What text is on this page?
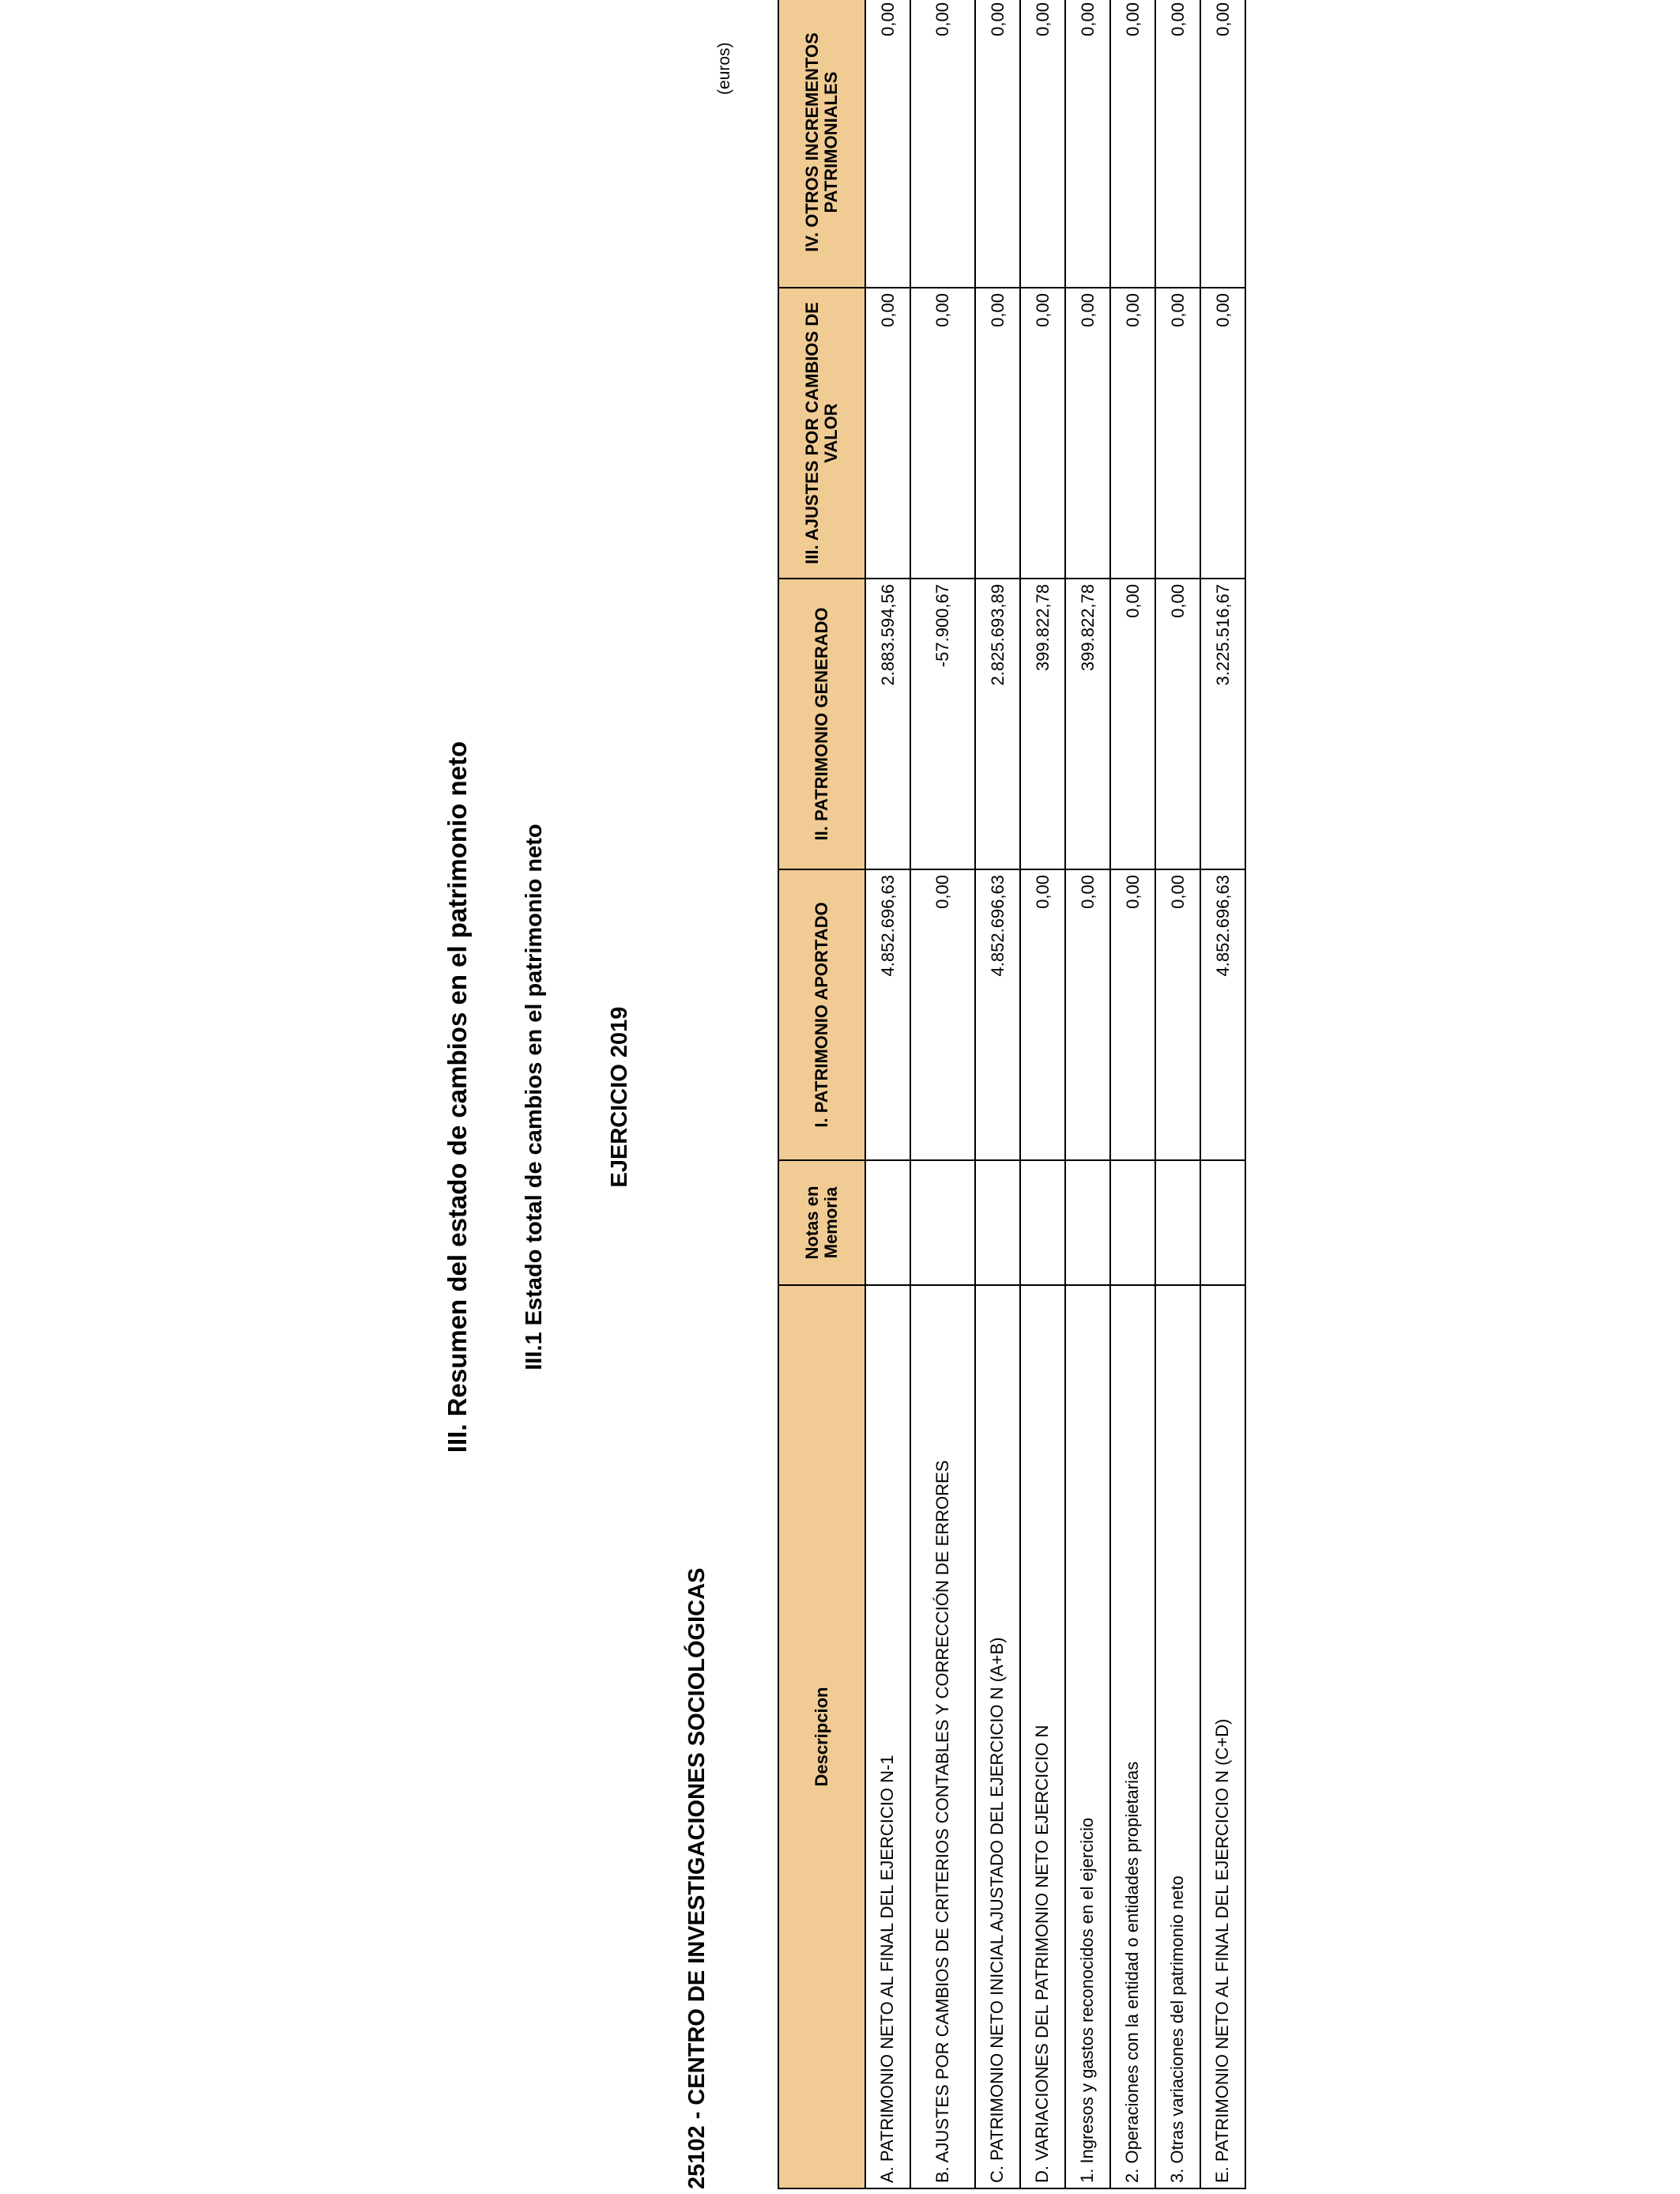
III. Resumen del estado de cambios en el patrimonio neto III.1 Estado total de cambios en el patrimonio neto	EJERCICIO 2019
25102 - CENTRO DE INVESTIGACIONES SOCIOLÓGICAS
(euros)
Descripcion	Notas en Memoria	I. PATRIMONIO APORTADO	II. PATRIMONIO GENERADO	III. AJUSTES POR CAMBIOS DE VALOR	IV. OTROS INCREMENTOS PATRIMONIALES	
A. PATRIMONIO NETO AL FINAL DEL EJERCICIO N-1		4.852.696,63	2.883.594,56	0,00	0,00	
B. AJUSTES POR CAMBIOS DE CRITERIOS CONTABLES Y CORRECCIÓN DE ERRORES		0,00	-57.900,67	0,00	0,00	
C. PATRIMONIO NETO INICIAL AJUSTADO DEL EJERCICIO N (A+B)		4.852.696,63	2.825.693,89	0,00	0,00	
D. VARIACIONES DEL PATRIMONIO NETO EJERCICIO N		0,00	399.822,78	0,00	0,00	
1. Ingresos y gastos reconocidos en el ejercicio		0,00	399.822,78	0,00	0,00	
2. Operaciones con la entidad o entidades propietarias		0,00	0,00	0,00	0,00	
3. Otras variaciones del patrimonio neto		0,00	0,00	0,00	0,00	
E. PATRIMONIO NETO AL FINAL DEL EJERCICIO N (C+D)		4.852.696,63	3.225.516,67	0,00	0,00	
